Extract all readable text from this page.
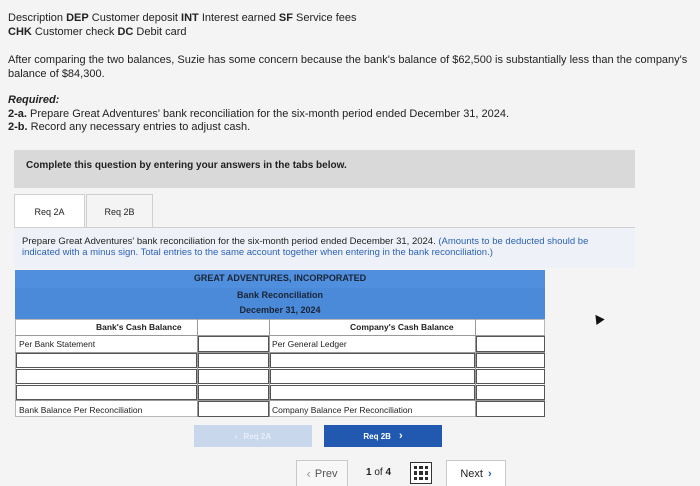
Description DEP Customer deposit INT Interest earned SF Service fees
CHK Customer check DC Debit card
After comparing the two balances, Suzie has some concern because the bank's balance of $62,500 is substantially less than the company's balance of $84,300.
Required:
2-a. Prepare Great Adventures' bank reconciliation for the six-month period ended December 31, 2024.
2-b. Record any necessary entries to adjust cash.
Complete this question by entering your answers in the tabs below.
Req 2A	Req 2B
Prepare Great Adventures' bank reconciliation for the six-month period ended December 31, 2024. (Amounts to be deducted should be indicated with a minus sign. Total entries to the same account together when entering in the bank reconciliation.)
GREAT ADVENTURES, INCORPORATED
Bank Reconciliation
December 31, 2024
Bank's Cash Balance	Company's Cash Balance
Per Bank Statement	Per General Ledger
Bank Balance Per Reconciliation	Company Balance Per Reconciliation
‹ Req 2A	Req 2B ›
‹ Prev	1 of 4	Next ›
